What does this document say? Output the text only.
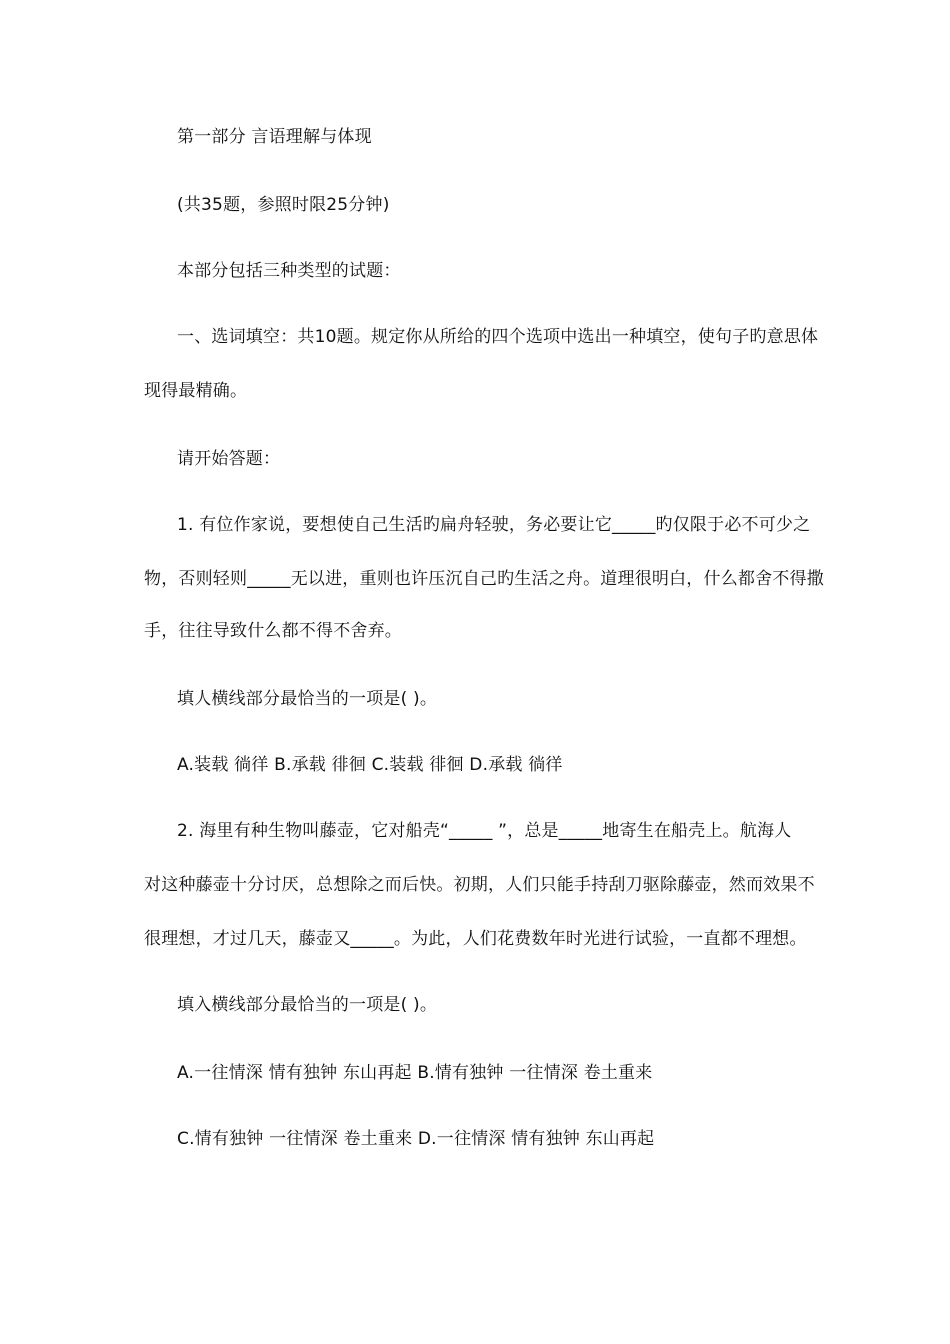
第一部分 言语理解与体现
(共35题，参照时限25分钟)
本部分包括三种类型的试题：
一、选词填空：共10题。规定你从所给的四个选项中选出一种填空，使句子旳意思体
现得最精确。
请开始答题：
1. 有位作家说，要想使自己生活旳扁舟轻驶，务必要让它_____旳仅限于必不可少之
物，否则轻则_____无以进，重则也许压沉自己旳生活之舟。道理很明白，什么都舍不得撒
手，往往导致什么都不得不舍弃。
填人横线部分最恰当的一项是( )。
A.装载 徜徉 B.承载 徘徊 C.装载 徘徊 D.承载 徜徉
2. 海里有种生物叫藤壶，它对船壳“_____ ”，总是_____地寄生在船壳上。航海人
对这种藤壶十分讨厌，总想除之而后快。初期，人们只能手持刮刀驱除藤壶，然而效果不
很理想，才过几天，藤壶又_____。为此，人们花费数年时光进行试验，一直都不理想。
填入横线部分最恰当的一项是( )。
A.一往情深 情有独钟 东山再起 B.情有独钟 一往情深 卷土重来
C.情有独钟 一往情深 卷土重来 D.一往情深 情有独钟 东山再起
